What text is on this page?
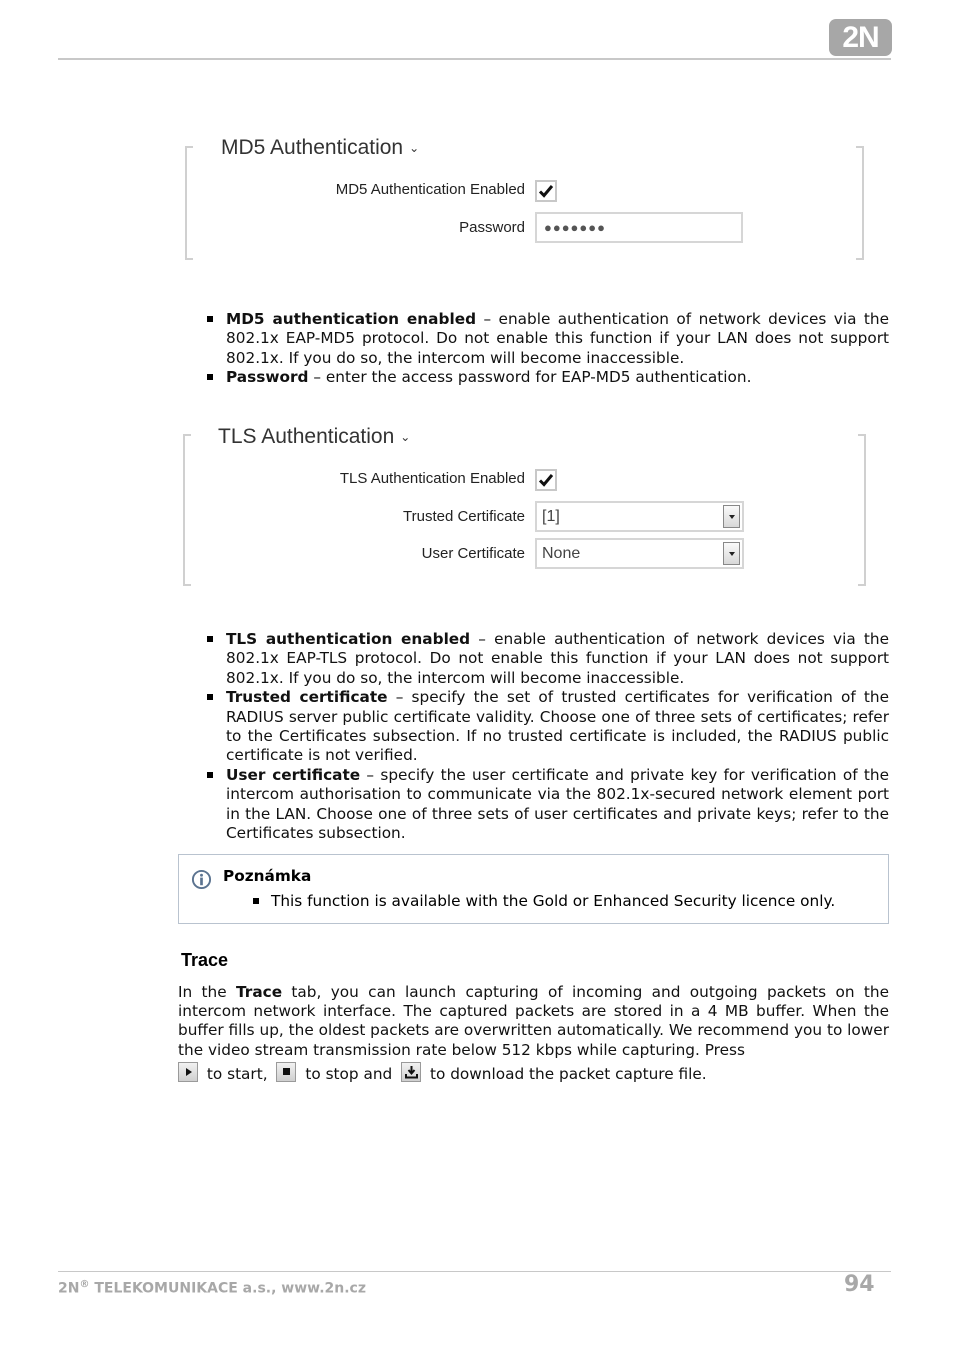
2N
MD5 Authentication ⌄
MD5 Authentication Enabled
Password	●●●●●●●
MD5 authentication enabled – enable authentication of network devices via the 802.1x EAP-MD5 protocol. Do not enable this function if your LAN does not support 802.1x. If you do so, the intercom will become inaccessible.
Password – enter the access password for EAP-MD5 authentication.
TLS Authentication ⌄
TLS Authentication Enabled
Trusted Certificate	[1]
User Certificate	None
TLS authentication enabled – enable authentication of network devices via the 802.1x EAP-TLS protocol. Do not enable this function if your LAN does not support 802.1x. If you do so, the intercom will become inaccessible.
Trusted certificate – specify the set of trusted certificates for verification of the RADIUS server public certificate validity. Choose one of three sets of certificates; refer to the Certificates subsection. If no trusted certificate is included, the RADIUS public certificate is not verified.
User certificate – specify the user certificate and private key for verification of the intercom authorisation to communicate via the 802.1x-secured network element port in the LAN. Choose one of three sets of user certificates and private keys; refer to the Certificates subsection.
Poznámka
This function is available with the Gold or Enhanced Security licence only.
Trace
In the Trace tab, you can launch capturing of incoming and outgoing packets on the intercom network interface. The captured packets are stored in a 4 MB buffer. When the buffer fills up, the oldest packets are overwritten automatically. We recommend you to lower the video stream transmission rate below 512 kbps while capturing. Press
to start, to stop and to download the packet capture file.
2N® TELEKOMUNIKACE a.s., www.2n.cz	94
